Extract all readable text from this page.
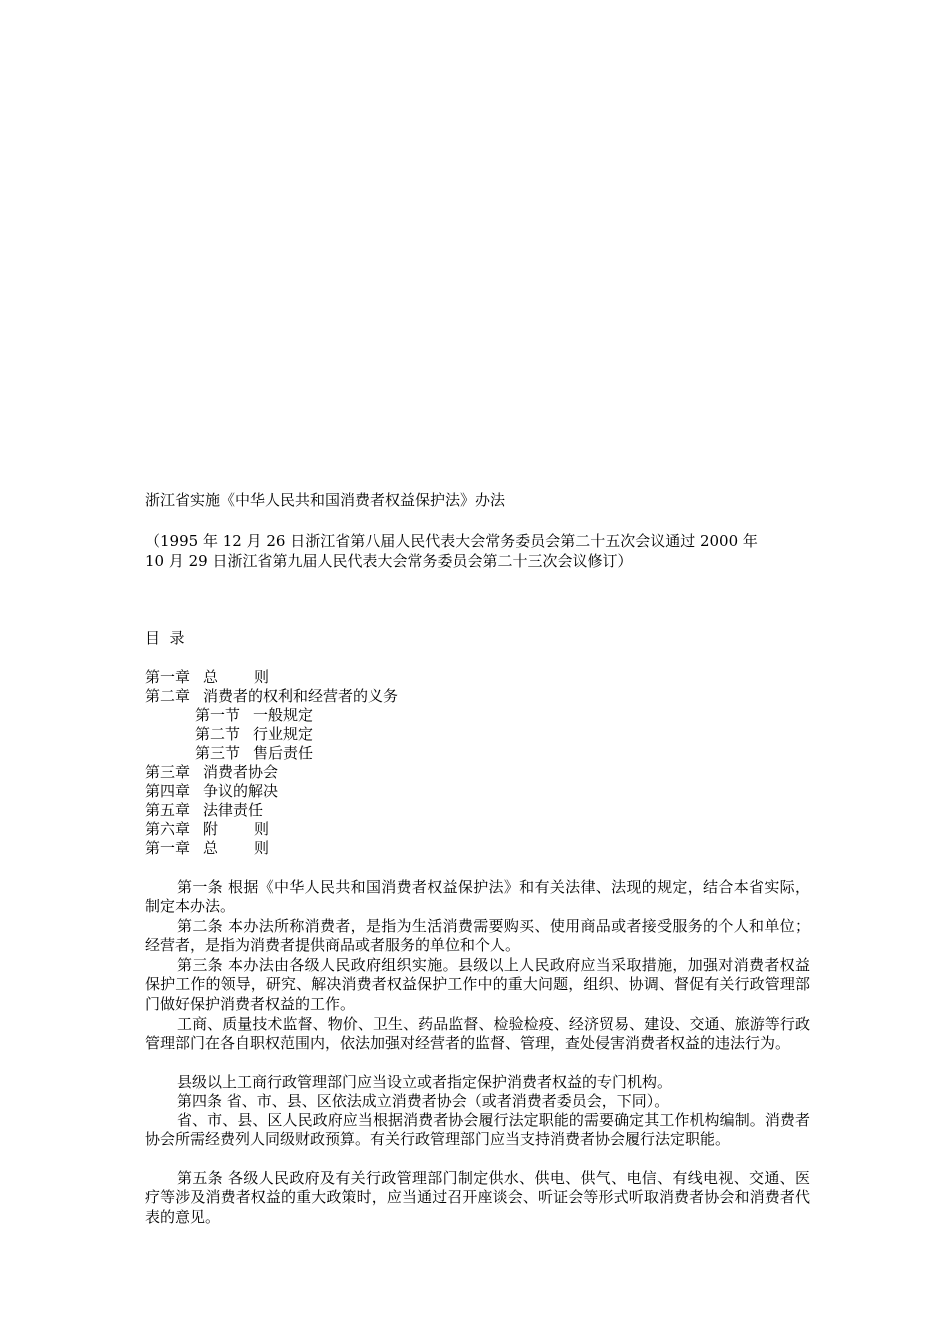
浙江省实施《中华人民共和国消费者权益保护法》办法
（1995 年 12 月 26 日浙江省第八届人民代表大会常务委员会第二十五次会议通过 2000 年
10 月 29 日浙江省第九届人民代表大会常务委员会第二十三次会议修订）
目  录
第一章 总 则
第二章 消费者的权利和经营者的义务
第一节 一般规定
第二节 行业规定
第三节 售后责任
第三章 消费者协会
第四章 争议的解决
第五章 法律责任
第六章 附 则
第一章 总 则
第一条 根据《中华人民共和国消费者权益保护法》和有关法律、法现的规定，结合本省实际，制定本办法。
第二条 本办法所称消费者，是指为生活消费需要购买、使用商品或者接受服务的个人和单位；经营者，是指为消费者提供商品或者服务的单位和个人。
第三条 本办法由各级人民政府组织实施。县级以上人民政府应当采取措施，加强对消费者权益保护工作的领导，研究、解决消费者权益保护工作中的重大问题，组织、协调、督促有关行政管理部门做好保护消费者权益的工作。
工商、质量技术监督、物价、卫生、药品监督、检验检疫、经济贸易、建设、交通、旅游等行政管理部门在各自职权范围内，依法加强对经营者的监督、管理，查处侵害消费者权益的违法行为。
县级以上工商行政管理部门应当设立或者指定保护消费者权益的专门机构。
第四条 省、市、县、区依法成立消费者协会（或者消费者委员会，下同）。
省、市、县、区人民政府应当根据消费者协会履行法定职能的需要确定其工作机构编制。消费者协会所需经费列人同级财政预算。有关行政管理部门应当支持消费者协会履行法定职能。
第五条 各级人民政府及有关行政管理部门制定供水、供电、供气、电信、有线电视、交通、医疗等涉及消费者权益的重大政策时，应当通过召开座谈会、听证会等形式听取消费者协会和消费者代表的意见。
